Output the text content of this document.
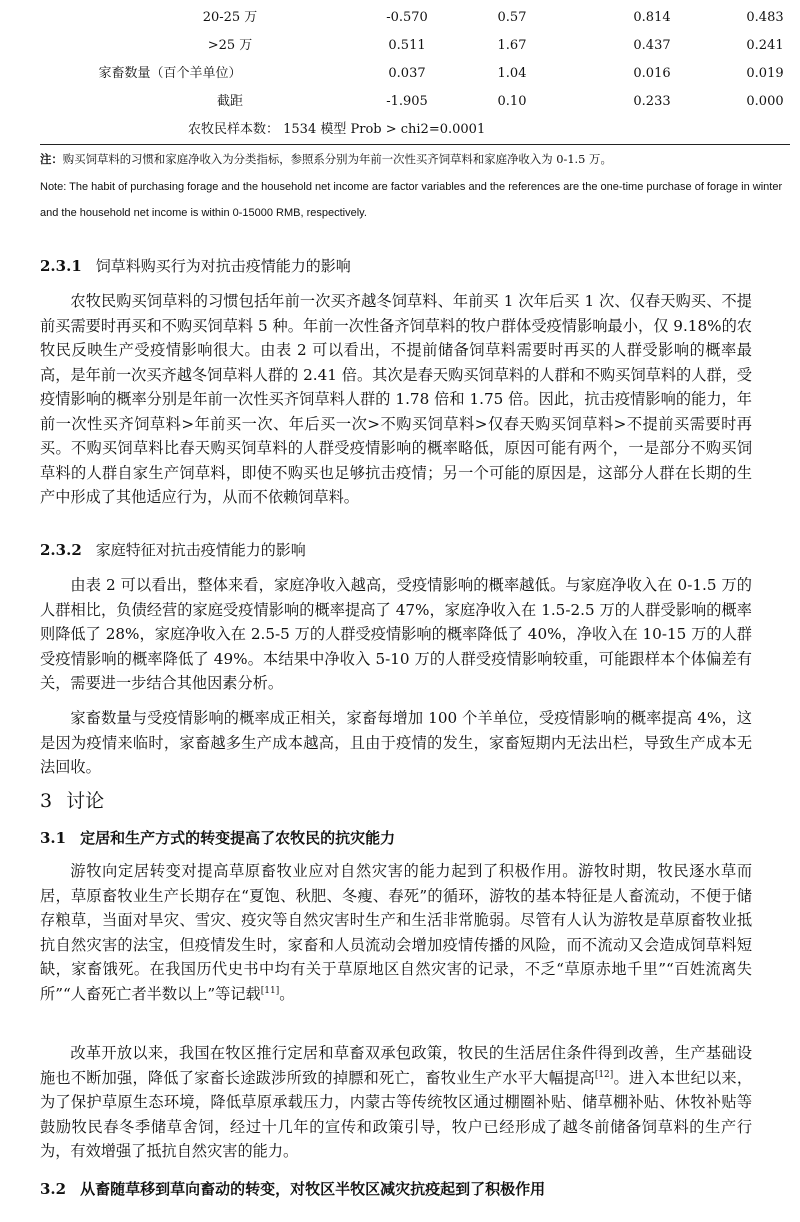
20-25 万	-0.570	0.57	0.814	0.483
>25 万	0.511	1.67	0.437	0.241
家畜数量（百个羊单位）	0.037	1.04	0.016	0.019
截距	-1.905	0.10	0.233	0.000
农牧民样本数： 1534 模型 Prob > chi2=0.0001
注：购买饲草料的习惯和家庭净收入为分类指标，参照系分别为年前一次性买齐饲草料和家庭净收入为 0-1.5 万。
Note: The habit of purchasing forage and the household net income are factor variables and the references are the one-time purchase of forage in winter and the household net income is within 0-15000 RMB, respectively.
2.3.1 饲草料购买行为对抗击疫情能力的影响
农牧民购买饲草料的习惯包括年前一次买齐越冬饲草料、年前买 1 次年后买 1 次、仅春天购买、不提前买需要时再买和不购买饲草料 5 种。年前一次性备齐饲草料的牧户群体受疫情影响最小，仅 9.18%的农牧民反映生产受疫情影响很大。由表 2 可以看出，不提前储备饲草料需要时再买的人群受影响的概率最高，是年前一次买齐越冬饲草料人群的 2.41 倍。其次是春天购买饲草料的人群和不购买饲草料的人群，受疫情影响的概率分别是年前一次性买齐饲草料人群的 1.78 倍和 1.75 倍。因此，抗击疫情影响的能力，年前一次性买齐饲草料>年前买一次、年后买一次>不购买饲草料>仅春天购买饲草料>不提前买需要时再买。不购买饲草料比春天购买饲草料的人群受疫情影响的概率略低，原因可能有两个，一是部分不购买饲草料的人群自家生产饲草料，即使不购买也足够抗击疫情；另一个可能的原因是，这部分人群在长期的生产中形成了其他适应行为，从而不依赖饲草料。
2.3.2 家庭特征对抗击疫情能力的影响
由表 2 可以看出，整体来看，家庭净收入越高，受疫情影响的概率越低。与家庭净收入在 0-1.5 万的人群相比，负债经营的家庭受疫情影响的概率提高了 47%，家庭净收入在 1.5-2.5 万的人群受影响的概率则降低了 28%，家庭净收入在 2.5-5 万的人群受疫情影响的概率降低了 40%，净收入在 10-15 万的人群受疫情影响的概率降低了 49%。本结果中净收入 5-10 万的人群受疫情影响较重，可能跟样本个体偏差有关，需要进一步结合其他因素分析。
家畜数量与受疫情影响的概率成正相关，家畜每增加 100 个羊单位，受疫情影响的概率提高 4%，这是因为疫情来临时，家畜越多生产成本越高，且由于疫情的发生，家畜短期内无法出栏，导致生产成本无法回收。
3 讨论
3.1 定居和生产方式的转变提高了农牧民的抗灾能力
游牧向定居转变对提高草原畜牧业应对自然灾害的能力起到了积极作用。游牧时期，牧民逐水草而居，草原畜牧业生产长期存在“夏饱、秋肥、冬瘦、春死”的循环，游牧的基本特征是人畜流动，不便于储存粮草，当面对旱灾、雪灾、疫灾等自然灾害时生产和生活非常脆弱。尽管有人认为游牧是草原畜牧业抵抗自然灾害的法宝，但疫情发生时，家畜和人员流动会增加疫情传播的风险，而不流动又会造成饲草料短缺，家畜饿死。在我国历代史书中均有关于草原地区自然灾害的记录，不乏“草原赤地千里”“百姓流离失所”“人畜死亡者半数以上”等记载[11]。
改革开放以来，我国在牧区推行定居和草畜双承包政策，牧民的生活居住条件得到改善，生产基础设施也不断加强，降低了家畜长途跋涉所致的掉膘和死亡，畜牧业生产水平大幅提高[12]。进入本世纪以来，为了保护草原生态环境，降低草原承载压力，内蒙古等传统牧区通过棚圈补贴、储草棚补贴、休牧补贴等鼓励牧民春冬季储草舍饲，经过十几年的宣传和政策引导，牧户已经形成了越冬前储备饲草料的生产行为，有效增强了抵抗自然灾害的能力。
3.2 从畜随草移到草向畜动的转变，对牧区半牧区减灾抗疫起到了积极作用
